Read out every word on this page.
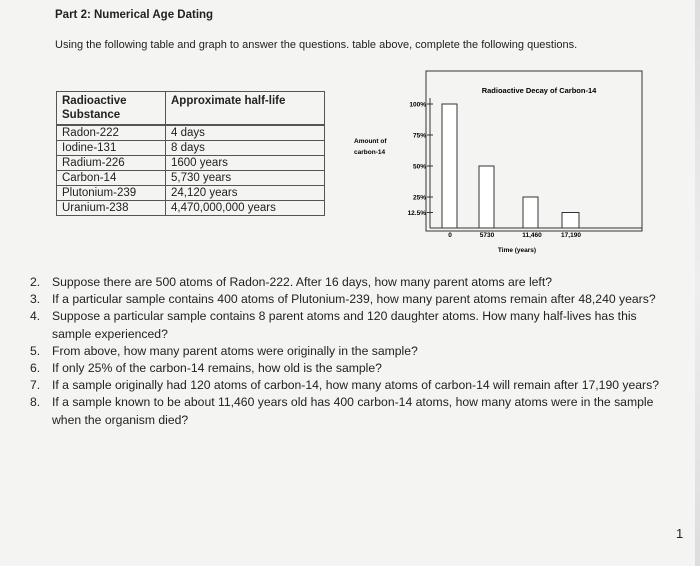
Part 2: Numerical Age Dating
Using the following table and graph to answer the questions. table above, complete the following questions.
Radioactive Substance	Approximate half-life
Radon-222	4 days
Iodine-131	8 days
Radium-226	1600 years
Carbon-14	5,730 years
Plutonium-239	24,120 years
Uranium-238	4,470,000,000 years
Radioactive Decay of Carbon-14
Amount of
carbon-14
100%
75%
50%
25%
12.5%
0	5730	11,460	17,190
Time (years)
2. Suppose there are 500 atoms of Radon-222. After 16 days, how many parent atoms are left?
3. If a particular sample contains 400 atoms of Plutonium-239, how many parent atoms remain after 48,240 years?
4. Suppose a particular sample contains 8 parent atoms and 120 daughter atoms. How many half-lives has this sample experienced?
5. From above, how many parent atoms were originally in the sample?
6. If only 25% of the carbon-14 remains, how old is the sample?
7. If a sample originally had 120 atoms of carbon-14, how many atoms of carbon-14 will remain after 17,190 years?
8. If a sample known to be about 11,460 years old has 400 carbon-14 atoms, how many atoms were in the sample when the organism died?
1
